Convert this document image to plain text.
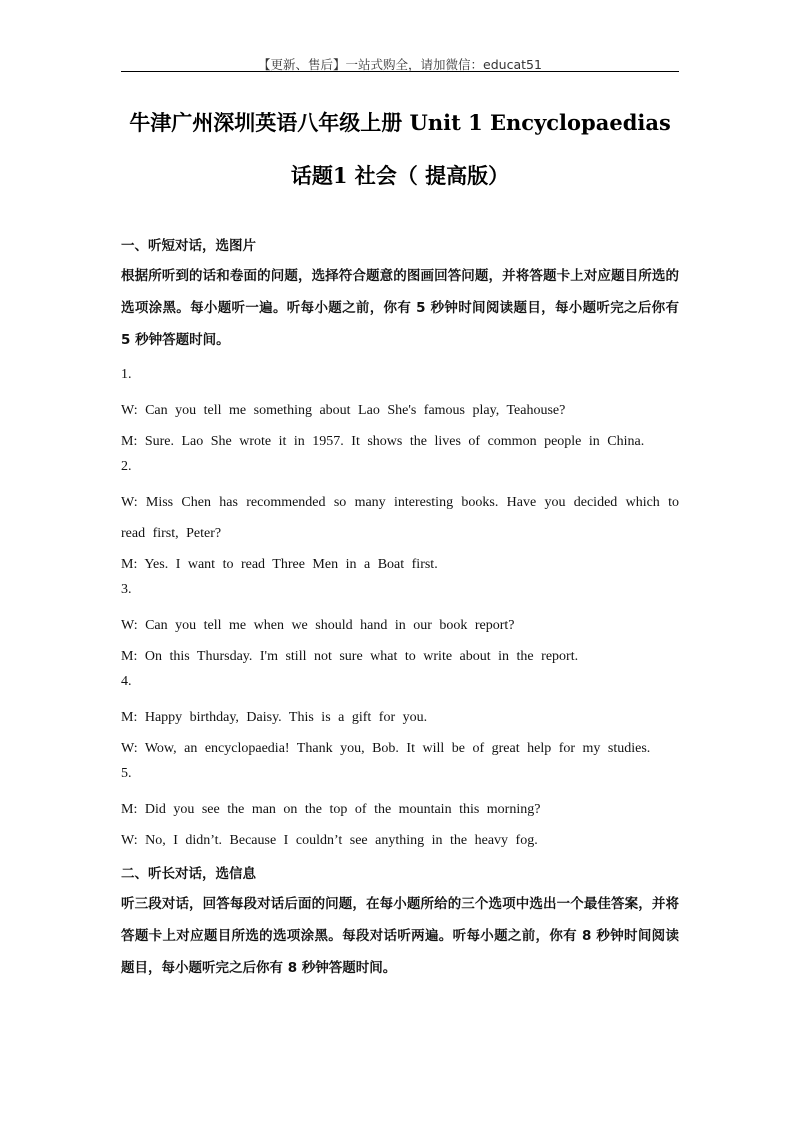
【更新、售后】一站式购全，请加微信：educat51
牛津广州深圳英语八年级上册 Unit 1 Encyclopaedias
话题1 社会（ 提高版）

一、听短对话，选图片

根据所听到的话和卷面的问题，选择符合题意的图画回答问题，并将答题卡上对应题目所选的选项涂黑。每小题听一遍。听每小题之前，你有 5 秒钟时间阅读题目，每小题听完之后你有 5 秒钟答题时间。

1.

W: Can you tell me something about Lao She's famous play, Teahouse?

M: Sure. Lao She wrote it in 1957. It shows the lives of common people in China.

2.

W: Miss Chen has recommended so many interesting books. Have you decided which to read first, Peter?

M: Yes. I want to read Three Men in a Boat first.

3.

W: Can you tell me when we should hand in our book report?

M: On this Thursday. I'm still not sure what to write about in the report.

4.

M: Happy birthday, Daisy. This is a gift for you.

W: Wow, an encyclopaedia! Thank you, Bob. It will be of great help for my studies.

5.

M: Did you see the man on the top of the mountain this morning?

W: No, I didn’t. Because I couldn’t see anything in the heavy fog.

二、听长对话，选信息

听三段对话，回答每段对话后面的问题，在每小题所给的三个选项中选出一个最佳答案，并将答题卡上对应题目所选的选项涂黑。每段对话听两遍。听每小题之前，你有 8 秒钟时间阅读题目，每小题听完之后你有 8 秒钟答题时间。
